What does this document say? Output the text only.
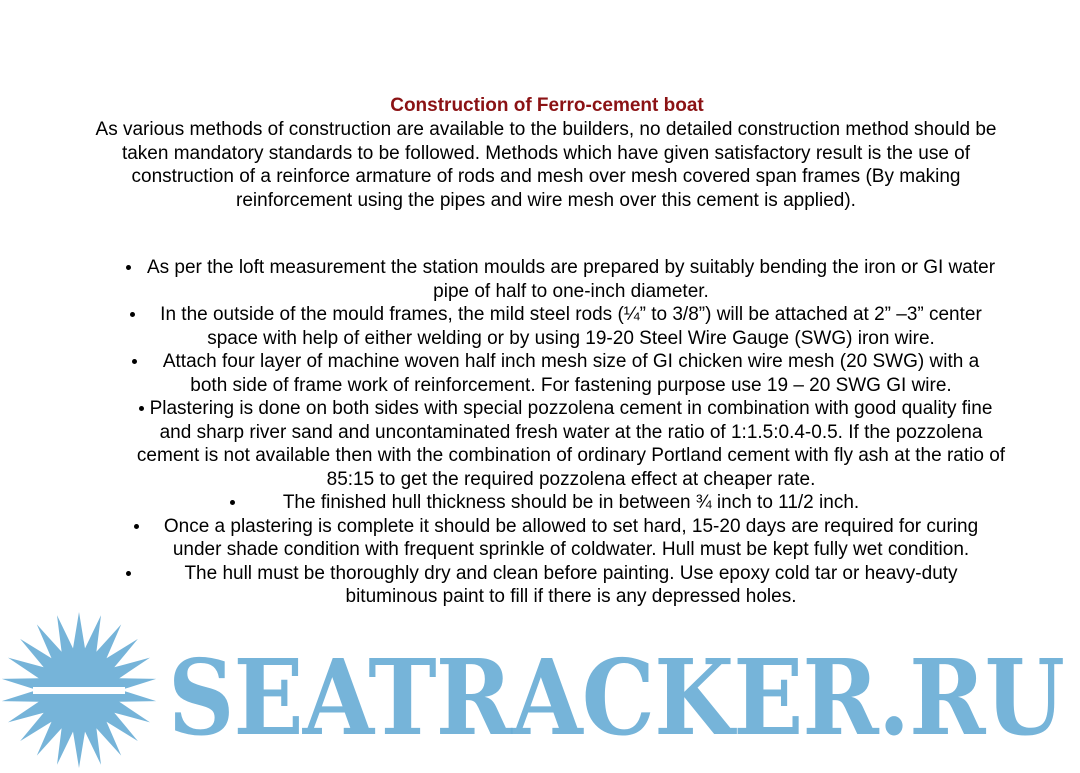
Construction of Ferro-cement boat
As various methods of construction are available to the builders, no detailed construction method should be taken mandatory standards to be followed. Methods which have given satisfactory result is the use of construction of a reinforce armature of rods and mesh over mesh covered span frames (By making reinforcement using the pipes and wire mesh over this cement is applied).
As per the loft measurement the station moulds are prepared by suitably bending the iron or GI water pipe of half to one-inch diameter.
In the outside of the mould frames, the mild steel rods (¼” to 3/8”) will be attached at 2” –3” center space with help of either welding or by using 19-20 Steel Wire Gauge (SWG) iron wire.
Attach four layer of machine woven half inch mesh size of GI chicken wire mesh (20 SWG) with a both side of frame work of reinforcement. For fastening purpose use 19 – 20 SWG GI wire.
Plastering is done on both sides with special pozzolena cement in combination with good quality fine and sharp river sand and uncontaminated fresh water at the ratio of 1:1.5:0.4-0.5. If the pozzolena cement is not available then with the combination of ordinary Portland cement with fly ash at the ratio of 85:15 to get the required pozzolena effect at cheaper rate.
The finished hull thickness should be in between ¾ inch to 11/2 inch.
Once a plastering is complete it should be allowed to set hard, 15-20 days are required for curing under shade condition with frequent sprinkle of coldwater. Hull must be kept fully wet condition.
The hull must be thoroughly dry and clean before painting. Use epoxy cold tar or heavy-duty bituminous paint to fill if there is any depressed holes.
SEATRACKER.RU
